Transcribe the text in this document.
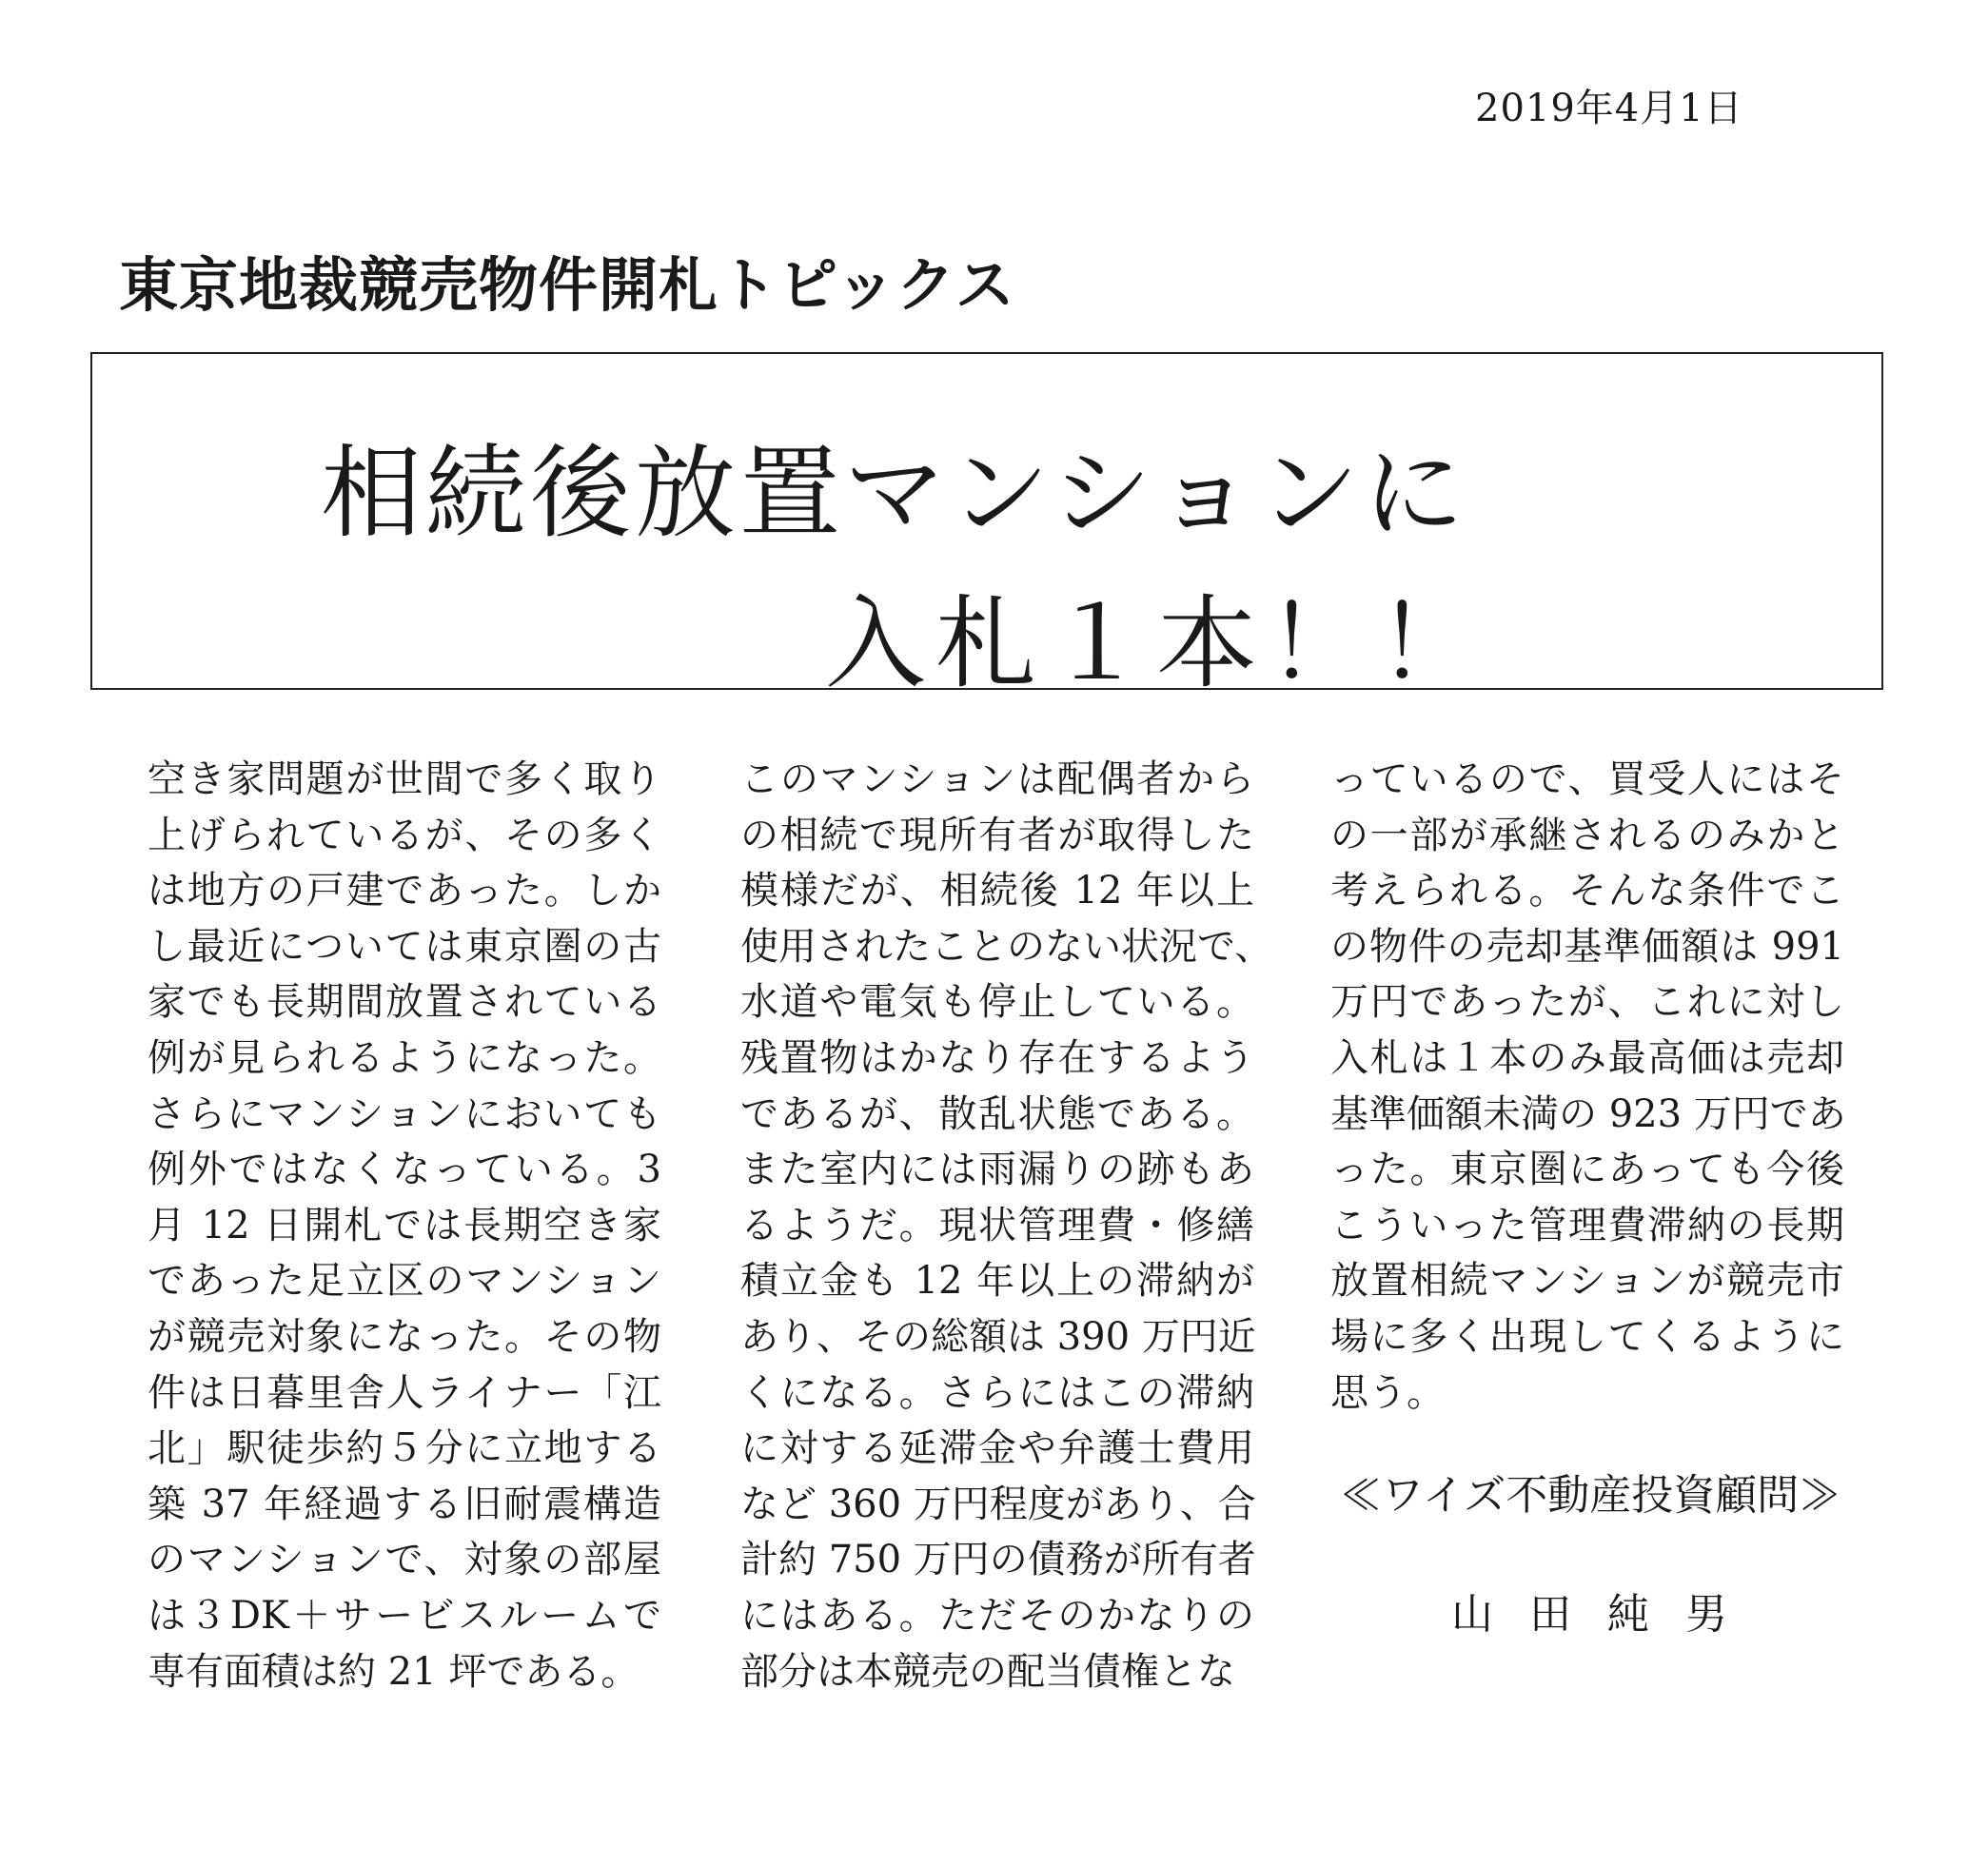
2019年4月1日
東京地裁競売物件開札トピックス
相続後放置マンションに
入札１本！！
空き家問題が世間で多く取り
上げられているが、その多く
は地方の戸建であった。しか
し最近については東京圏の古
家でも長期間放置されている
例が見られるようになった。
さらにマンションにおいても
例外ではなくなっている。3
月 12 日開札では長期空き家
であった足立区のマンション
が競売対象になった。その物
件は日暮里舎人ライナー「江
北」駅徒歩約５分に立地する
築 37 年経過する旧耐震構造
のマンションで、対象の部屋
は３DK＋サービスルームで
専有面積は約 21 坪である。
このマンションは配偶者から
の相続で現所有者が取得した
模様だが、相続後 12 年以上
使用されたことのない状況で、
水道や電気も停止している。
残置物はかなり存在するよう
であるが、散乱状態である。
また室内には雨漏りの跡もあ
るようだ。現状管理費・修繕
積立金も 12 年以上の滞納が
あり、その総額は 390 万円近
くになる。さらにはこの滞納
に対する延滞金や弁護士費用
など 360 万円程度があり、合
計約 750 万円の債務が所有者
にはある。ただそのかなりの
部分は本競売の配当債権とな
っているので、買受人にはそ
の一部が承継されるのみかと
考えられる。そんな条件でこ
の物件の売却基準価額は 991
万円であったが、これに対し
入札は１本のみ最高価は売却
基準価額未満の 923 万円であ
った。東京圏にあっても今後
こういった管理費滞納の長期
放置相続マンションが競売市
場に多く出現してくるように
思う。
≪ワイズ不動産投資顧問≫
山田純男
